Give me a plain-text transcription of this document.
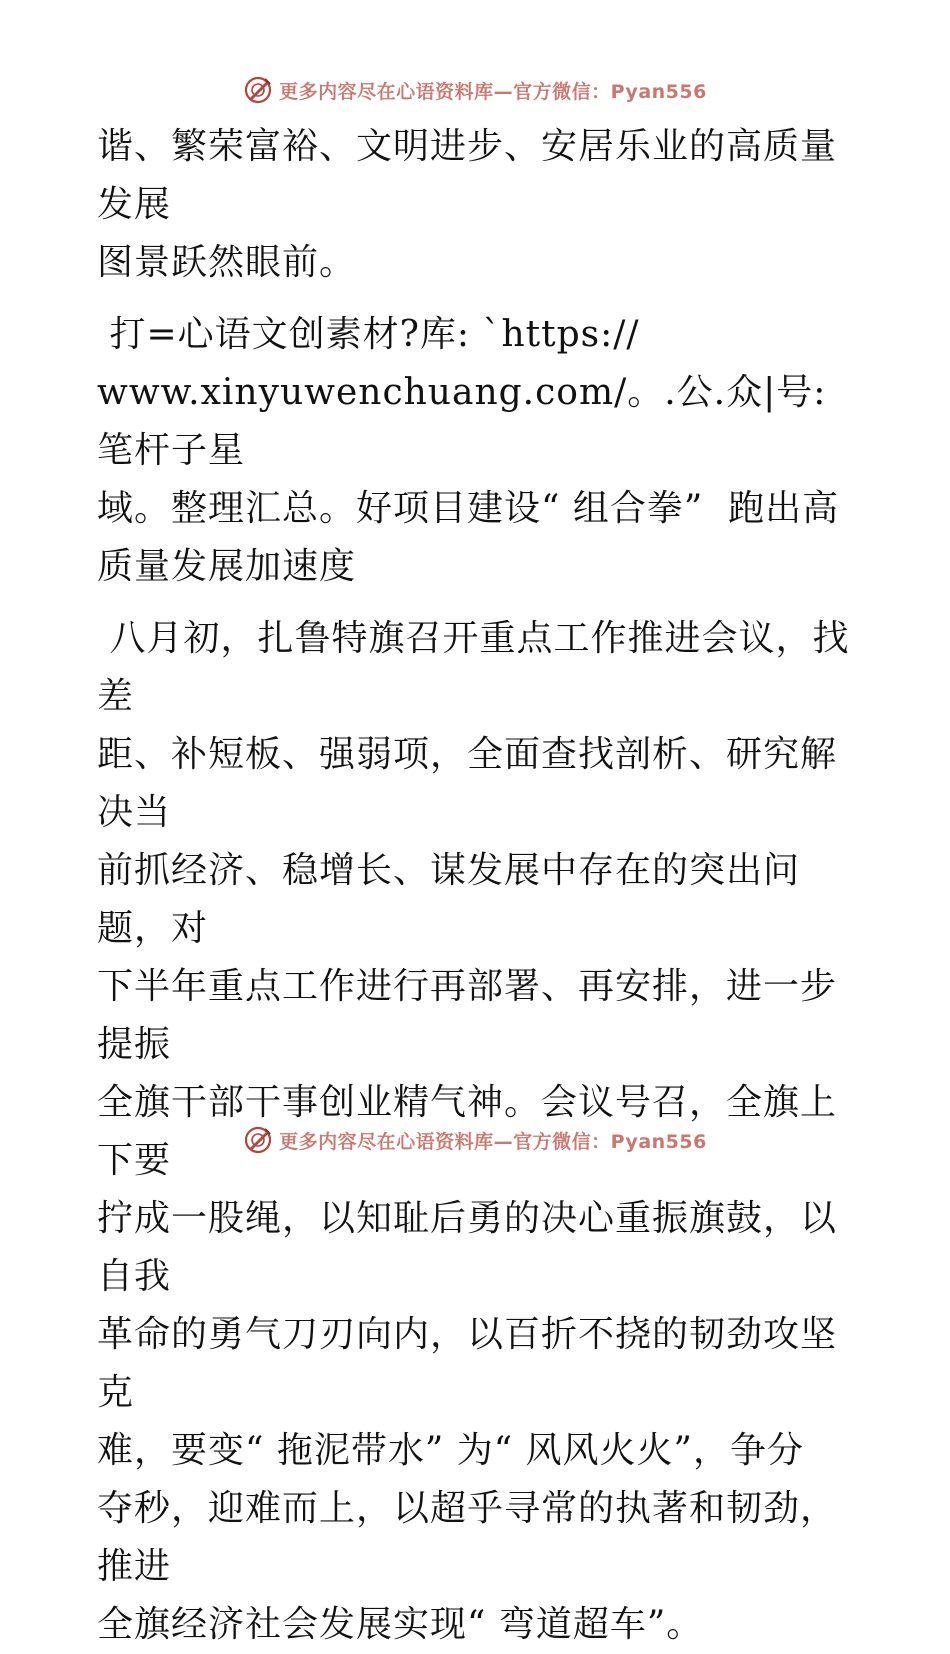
更多内容尽在心语资料库—官方微信：Pyan556

谐、繁荣富裕、文明进步、安居乐业的高质量发展
图景跃然眼前。

打=心语文创素材?库: `https://
www.xinyuwenchuang.com/。.公.众|号: 笔杆子星
域。整理汇总。好项目建设“ 组合拳”  跑出高
质量发展加速度

八月初，扎鲁特旗召开重点工作推进会议，找差
距、补短板、强弱项，全面查找剖析、研究解决当
前抓经济、稳增长、谋发展中存在的突出问题，对
下半年重点工作进行再部署、再安排，进一步提振
全旗干部干事创业精气神。会议号召，全旗上下要
拧成一股绳，以知耻后勇的决心重振旗鼓，以自我
革命的勇气刀刃向内，以百折不挠的韧劲攻坚克
难，要变“ 拖泥带水” 为“ 风风火火”，争分
夺秒，迎难而上，以超乎寻常的执著和韧劲，推进
全旗经济社会发展实现“ 弯道超车”。

更多内容尽在心语资料库—官方微信：Pyan556
